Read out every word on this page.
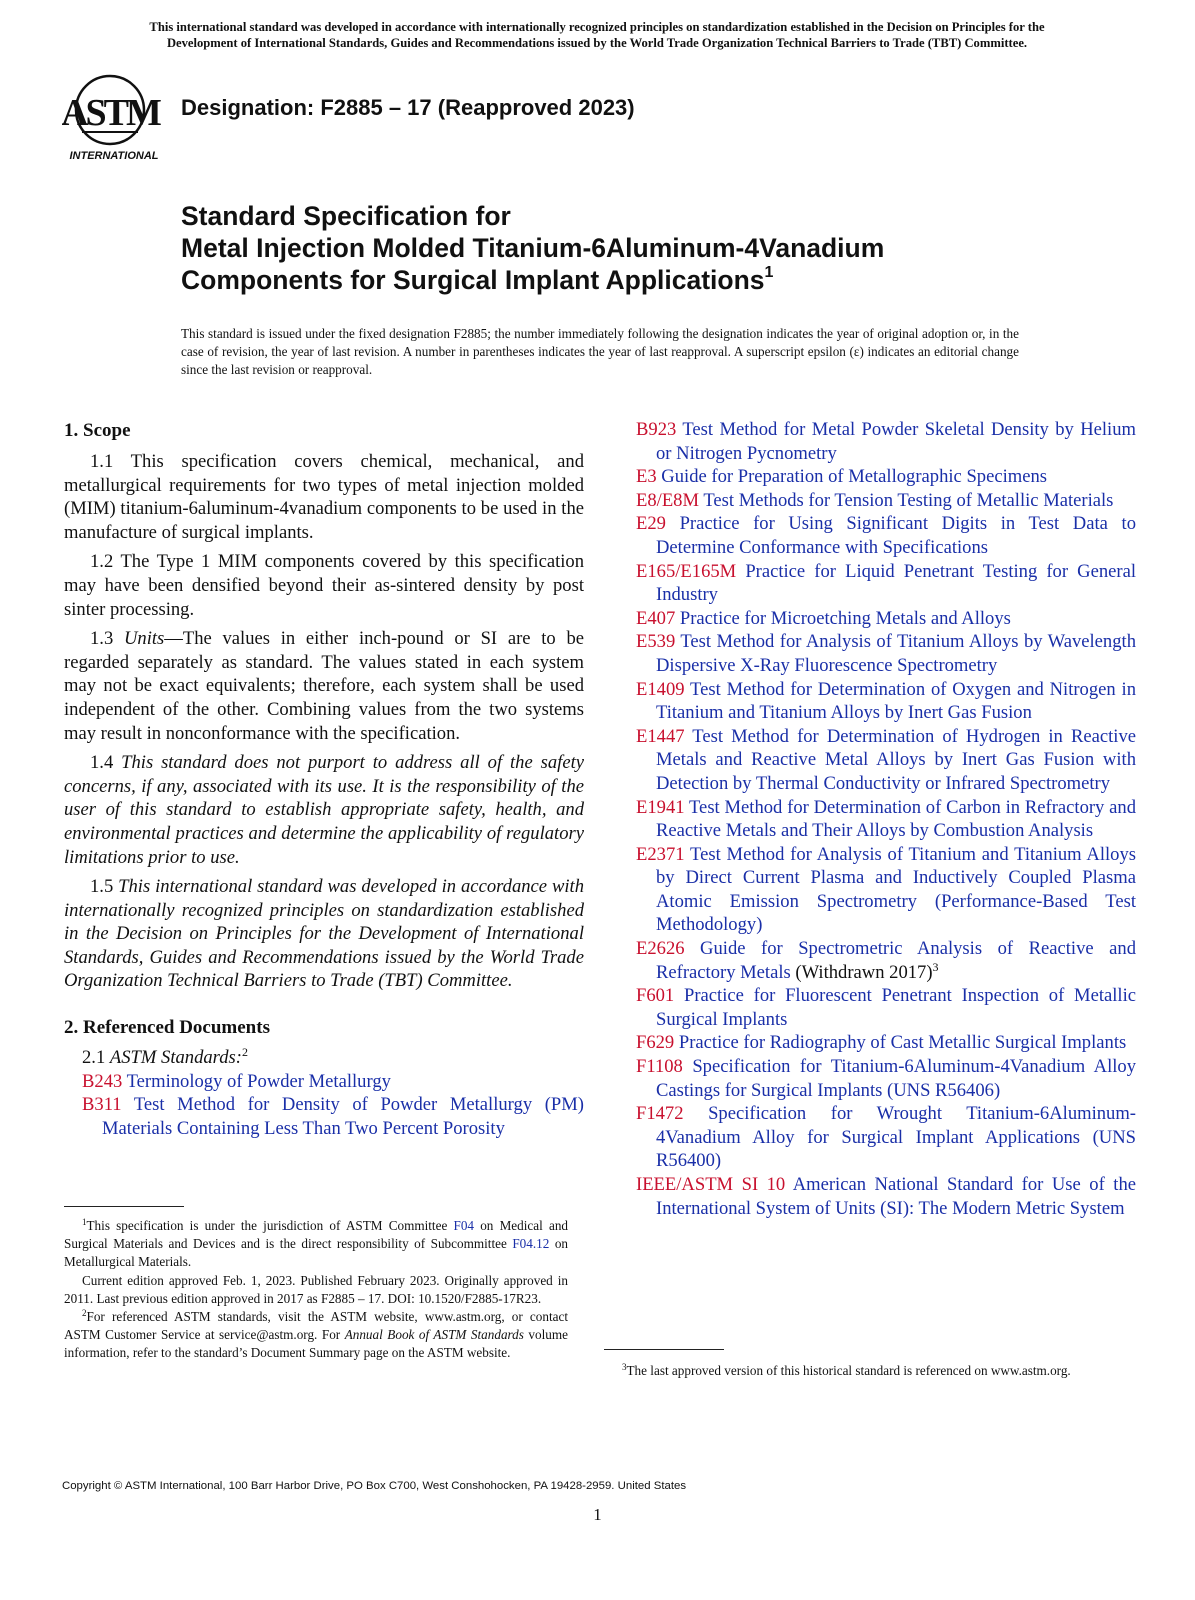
This international standard was developed in accordance with internationally recognized principles on standardization established in the Decision on Principles for the
Development of International Standards, Guides and Recommendations issued by the World Trade Organization Technical Barriers to Trade (TBT) Committee.
ASTM
INTERNATIONAL
Designation: F2885 – 17 (Reapproved 2023)
Standard Specification for
Metal Injection Molded Titanium-6Aluminum-4Vanadium
Components for Surgical Implant Applications$^1$
This standard is issued under the fixed designation F2885; the number immediately following the designation indicates the year of original adoption or, in the case of revision, the year of last revision. A number in parentheses indicates the year of last reapproval. A superscript epsilon (ε) indicates an editorial change since the last revision or reapproval.
1. Scope

1.1 This specification covers chemical, mechanical, and metallurgical requirements for two types of metal injection molded (MIM) titanium-6aluminum-4vanadium components to be used in the manufacture of surgical implants.

1.2 The Type 1 MIM components covered by this specification may have been densified beyond their as-sintered density by post sinter processing.

1.3 Units—The values in either inch-pound or SI are to be regarded separately as standard. The values stated in each system may not be exact equivalents; therefore, each system shall be used independent of the other. Combining values from the two systems may result in nonconformance with the specification.

1.4 This standard does not purport to address all of the safety concerns, if any, associated with its use. It is the responsibility of the user of this standard to establish appropriate safety, health, and environmental practices and determine the applicability of regulatory limitations prior to use.

1.5 This international standard was developed in accordance with internationally recognized principles on standardization established in the Decision on Principles for the Development of International Standards, Guides and Recommendations issued by the World Trade Organization Technical Barriers to Trade (TBT) Committee.

2. Referenced Documents

2.1 ASTM Standards:$^2$

B243 Terminology of Powder Metallurgy
B311 Test Method for Density of Powder Metallurgy (PM) Materials Containing Less Than Two Percent Porosity
B923 Test Method for Metal Powder Skeletal Density by Helium or Nitrogen Pycnometry
E3 Guide for Preparation of Metallographic Specimens
E8/E8M Test Methods for Tension Testing of Metallic Materials
E29 Practice for Using Significant Digits in Test Data to Determine Conformance with Specifications
E165/E165M Practice for Liquid Penetrant Testing for General Industry
E407 Practice for Microetching Metals and Alloys
E539 Test Method for Analysis of Titanium Alloys by Wavelength Dispersive X-Ray Fluorescence Spectrometry
E1409 Test Method for Determination of Oxygen and Nitrogen in Titanium and Titanium Alloys by Inert Gas Fusion
E1447 Test Method for Determination of Hydrogen in Reactive Metals and Reactive Metal Alloys by Inert Gas Fusion with Detection by Thermal Conductivity or Infrared Spectrometry
E1941 Test Method for Determination of Carbon in Refractory and Reactive Metals and Their Alloys by Combustion Analysis
E2371 Test Method for Analysis of Titanium and Titanium Alloys by Direct Current Plasma and Inductively Coupled Plasma Atomic Emission Spectrometry (Performance-Based Test Methodology)
E2626 Guide for Spectrometric Analysis of Reactive and Refractory Metals (Withdrawn 2017)$^3$
F601 Practice for Fluorescent Penetrant Inspection of Metallic Surgical Implants
F629 Practice for Radiography of Cast Metallic Surgical Implants
F1108 Specification for Titanium-6Aluminum-4Vanadium Alloy Castings for Surgical Implants (UNS R56406)
F1472 Specification for Wrought Titanium-6Aluminum-4Vanadium Alloy for Surgical Implant Applications (UNS R56400)
IEEE/ASTM SI 10 American National Standard for Use of the International System of Units (SI): The Modern Metric System

$^1$This specification is under the jurisdiction of ASTM Committee F04 on Medical and Surgical Materials and Devices and is the direct responsibility of Subcommittee F04.12 on Metallurgical Materials.

Current edition approved Feb. 1, 2023. Published February 2023. Originally approved in 2011. Last previous edition approved in 2017 as F2885 – 17. DOI: 10.1520/F2885-17R23.

$^2$For referenced ASTM standards, visit the ASTM website, www.astm.org, or contact ASTM Customer Service at service@astm.org. For Annual Book of ASTM Standards volume information, refer to the standard’s Document Summary page on the ASTM website.

$^3$The last approved version of this historical standard is referenced on www.astm.org.

Copyright © ASTM International, 100 Barr Harbor Drive, PO Box C700, West Conshohocken, PA 19428-2959. United States
1
